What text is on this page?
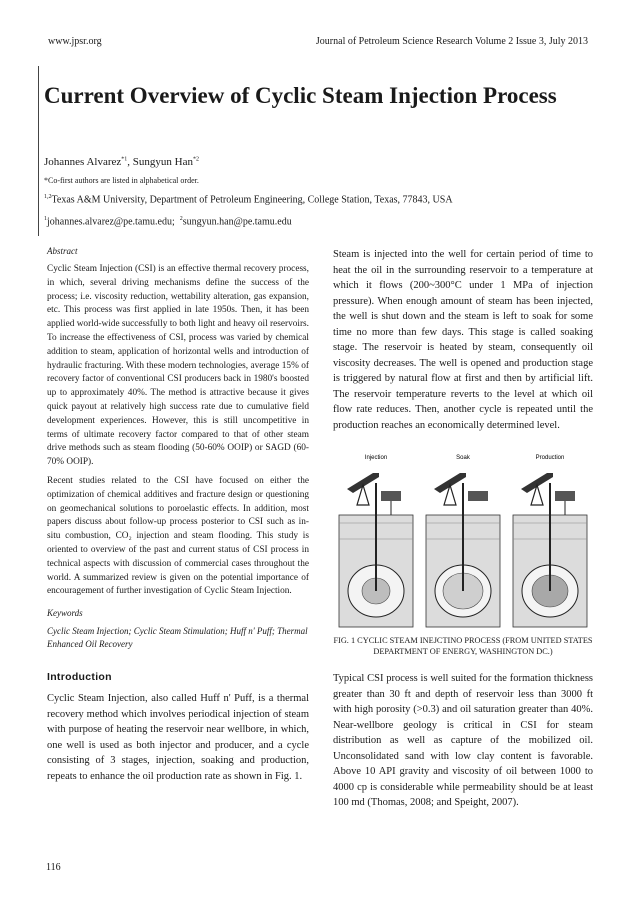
www.jpsr.org	Journal of Petroleum Science Research Volume 2 Issue 3, July 2013
Current Overview of Cyclic Steam Injection Process
Johannes Alvarez$^{*1}$, Sungyun Han$^{*2}$
*Co-first authors are listed in alphabetical order.
$^{1,2}$Texas A&M University, Department of Petroleum Engineering, College Station, Texas, 77843, USA
$^1$johannes.alvarez@pe.tamu.edu; $^2$sungyun.han@pe.tamu.edu

Abstract

Cyclic Steam Injection (CSI) is an effective thermal recovery process, in which, several driving mechanisms define the success of the process; i.e. viscosity reduction, wettability alteration, gas expansion, etc. This process was first applied in late 1950s. Then, it has been applied world-wide successfully to both light and heavy oil reservoirs. To increase the effectiveness of CSI, process was varied by chemical addition to steam, application of horizontal wells and introduction of hydraulic fracturing. With these modern technologies, average 15% of recovery factor of conventional CSI producers back in 1980's boosted up to approximately 40%. The method is attractive because it gives quick payout at relatively high success rate due to cumulative field development experiences. However, this is still uncompetitive in terms of ultimate recovery factor compared to that of other steam drive methods such as steam flooding (50-60% OOIP) or SAGD (60-70% OOIP).

Recent studies related to the CSI have focused on either the optimization of chemical additives and fracture design or questioning on geomechanical solutions to poroelastic effects. In addition, most papers discuss about follow-up process posterior to CSI such as in-situ combustion, CO₂ injection and steam flooding. This study is oriented to overview of the past and current status of CSI process in technical aspects with discussion of commercial cases throughout the world. A summarized review is given on the potential importance of encouragement of further investigation of Cyclic Steam Injection.

Keywords

Cyclic Steam Injection; Cyclic Steam Stimulation; Huff n' Puff; Thermal Enhanced Oil Recovery

Introduction

Cyclic Steam Injection, also called Huff n' Puff, is a thermal recovery method which involves periodical injection of steam with purpose of heating the reservoir near wellbore, in which, one well is used as both injector and producer, and a cycle consisting of 3 stages, injection, soaking and production, repeats to enhance the oil production rate as shown in Fig. 1.

Steam is injected into the well for certain period of time to heat the oil in the surrounding reservoir to a temperature at which it flows (200~300°C under 1 MPa of injection pressure). When enough amount of steam has been injected, the well is shut down and the steam is left to soak for some time no more than few days. This stage is called soaking stage. The reservoir is heated by steam, consequently oil viscosity decreases. The well is opened and production stage is triggered by natural flow at first and then by artificial lift. The reservoir temperature reverts to the level at which oil flow rate reduces. Then, another cycle is repeated until the production reaches an economically determined level.

Injection	Soak	Production

FIG. 1 CYCLIC STEAM INEJCTINO PROCESS (FROM UNITED STATES DEPARTMENT OF ENERGY, WASHINGTON DC.)

Typical CSI process is well suited for the formation thickness greater than 30 ft and depth of reservoir less than 3000 ft with high porosity (>0.3) and oil saturation greater than 40%. Near-wellbore geology is critical in CSI for steam distribution as well as capture of the mobilized oil. Unconsolidated sand with low clay content is favorable. Above 10 API gravity and viscosity of oil between 1000 to 4000 cp is considerable while permeability should be at least 100 md (Thomas, 2008; and Speight, 2007).

116
